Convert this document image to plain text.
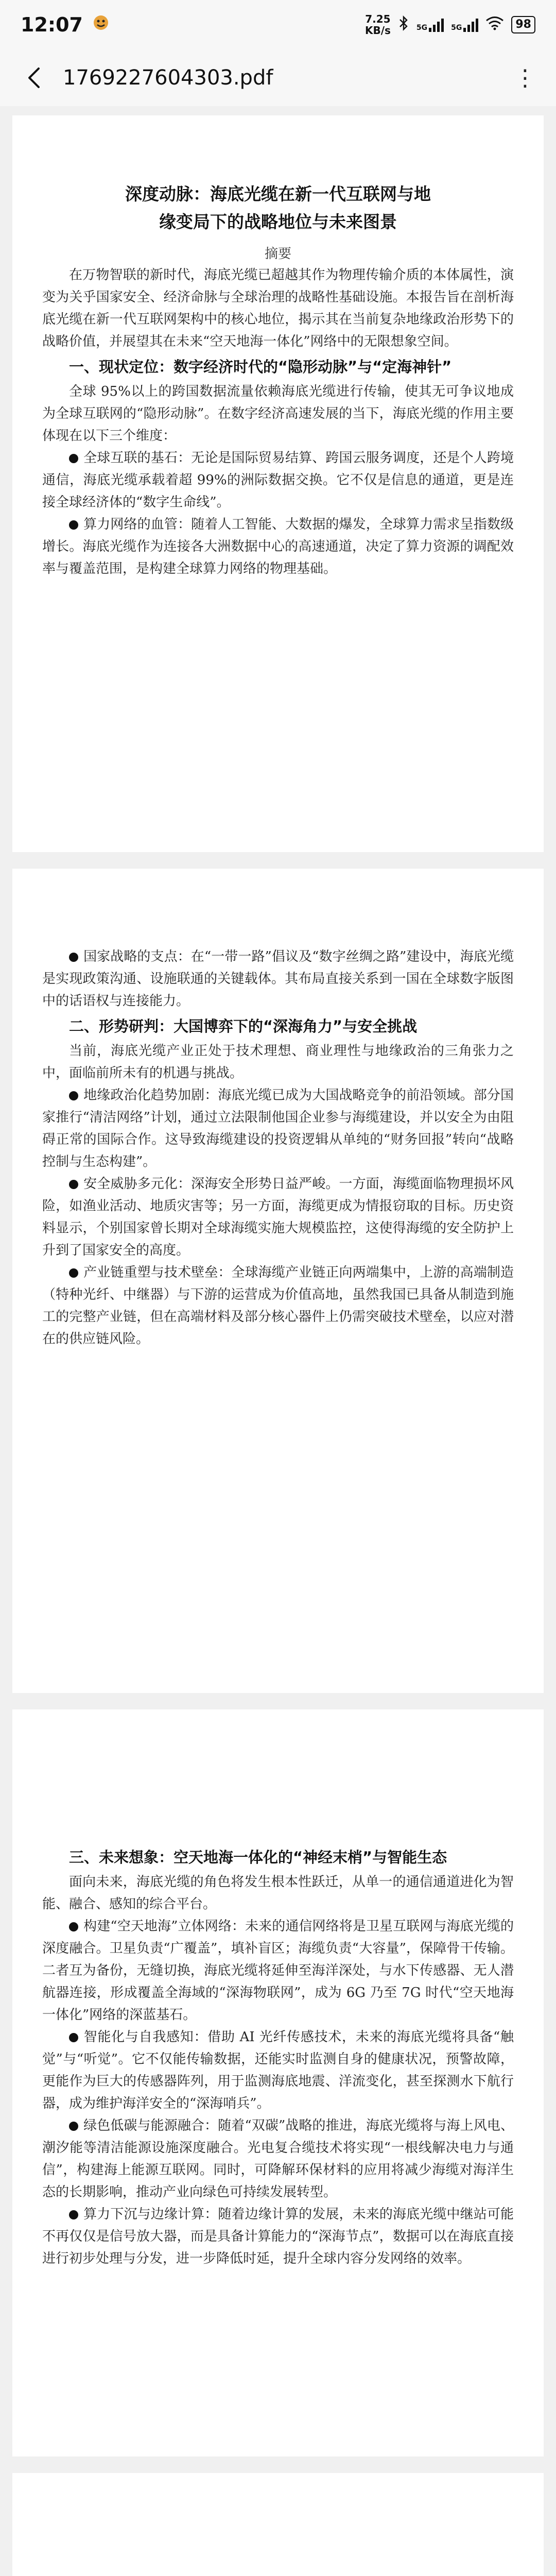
12:07	7.25
KB/s	5G	5G	98
1769227604303.pdf	⋮
深度动脉：海底光缆在新一代互联网与地
缘变局下的战略地位与未来图景
摘要

在万物智联的新时代，海底光缆已超越其作为物理传输介质的本体属性，演变为关乎国家安全、经济命脉与全球治理的战略性基础设施。本报告旨在剖析海底光缆在新一代互联网架构中的核心地位，揭示其在当前复杂地缘政治形势下的战略价值，并展望其在未来“空天地海一体化”网络中的无限想象空间。

一、现状定位：数字经济时代的“隐形动脉”与“定海神针”

全球 95%以上的跨国数据流量依赖海底光缆进行传输，使其无可争议地成为全球互联网的“隐形动脉”。在数字经济高速发展的当下，海底光缆的作用主要体现在以下三个维度：

全球互联的基石：无论是国际贸易结算、跨国云服务调度，还是个人跨境通信，海底光缆承载着超 99%的洲际数据交换。它不仅是信息的通道，更是连接全球经济体的“数字生命线”。

算力网络的血管：随着人工智能、大数据的爆发，全球算力需求呈指数级增长。海底光缆作为连接各大洲数据中心的高速通道，决定了算力资源的调配效率与覆盖范围，是构建全球算力网络的物理基础。

国家战略的支点：在“一带一路”倡议及“数字丝绸之路”建设中，海底光缆是实现政策沟通、设施联通的关键载体。其布局直接关系到一国在全球数字版图中的话语权与连接能力。

二、形势研判：大国博弈下的“深海角力”与安全挑战

当前，海底光缆产业正处于技术理想、商业理性与地缘政治的三角张力之中，面临前所未有的机遇与挑战。

地缘政治化趋势加剧：海底光缆已成为大国战略竞争的前沿领域。部分国家推行“清洁网络”计划，通过立法限制他国企业参与海缆建设，并以安全为由阻碍正常的国际合作。这导致海缆建设的投资逻辑从单纯的“财务回报”转向“战略控制与生态构建”。

安全威胁多元化：深海安全形势日益严峻。一方面，海缆面临物理损坏风险，如渔业活动、地质灾害等；另一方面，海缆更成为情报窃取的目标。历史资料显示，个别国家曾长期对全球海缆实施大规模监控，这使得海缆的安全防护上升到了国家安全的高度。

产业链重塑与技术壁垒：全球海缆产业链正向两端集中，上游的高端制造（特种光纤、中继器）与下游的运营成为价值高地，虽然我国已具备从制造到施工的完整产业链，但在高端材料及部分核心器件上仍需突破技术壁垒，以应对潜在的供应链风险。

三、未来想象：空天地海一体化的“神经末梢”与智能生态

面向未来，海底光缆的角色将发生根本性跃迁，从单一的通信通道进化为智能、融合、感知的综合平台。

构建“空天地海”立体网络：未来的通信网络将是卫星互联网与海底光缆的深度融合。卫星负责“广覆盖”，填补盲区；海缆负责“大容量”，保障骨干传输。二者互为备份，无缝切换，海底光缆将延伸至海洋深处，与水下传感器、无人潜航器连接，形成覆盖全海域的“深海物联网”，成为 6G 乃至 7G 时代“空天地海一体化”网络的深蓝基石。

智能化与自我感知：借助 AI 光纤传感技术，未来的海底光缆将具备“触觉”与“听觉”。它不仅能传输数据，还能实时监测自身的健康状况，预警故障，更能作为巨大的传感器阵列，用于监测海底地震、洋流变化，甚至探测水下航行器，成为维护海洋安全的“深海哨兵”。

绿色低碳与能源融合：随着“双碳”战略的推进，海底光缆将与海上风电、潮汐能等清洁能源设施深度融合。光电复合缆技术将实现“一根线解决电力与通信”，构建海上能源互联网。同时，可降解环保材料的应用将减少海缆对海洋生态的长期影响，推动产业向绿色可持续发展转型。

算力下沉与边缘计算：随着边缘计算的发展，未来的海底光缆中继站可能不再仅仅是信号放大器，而是具备计算能力的“深海节点”，数据可以在海底直接进行初步处理与分发，进一步降低时延，提升全球内容分发网络的效率。
